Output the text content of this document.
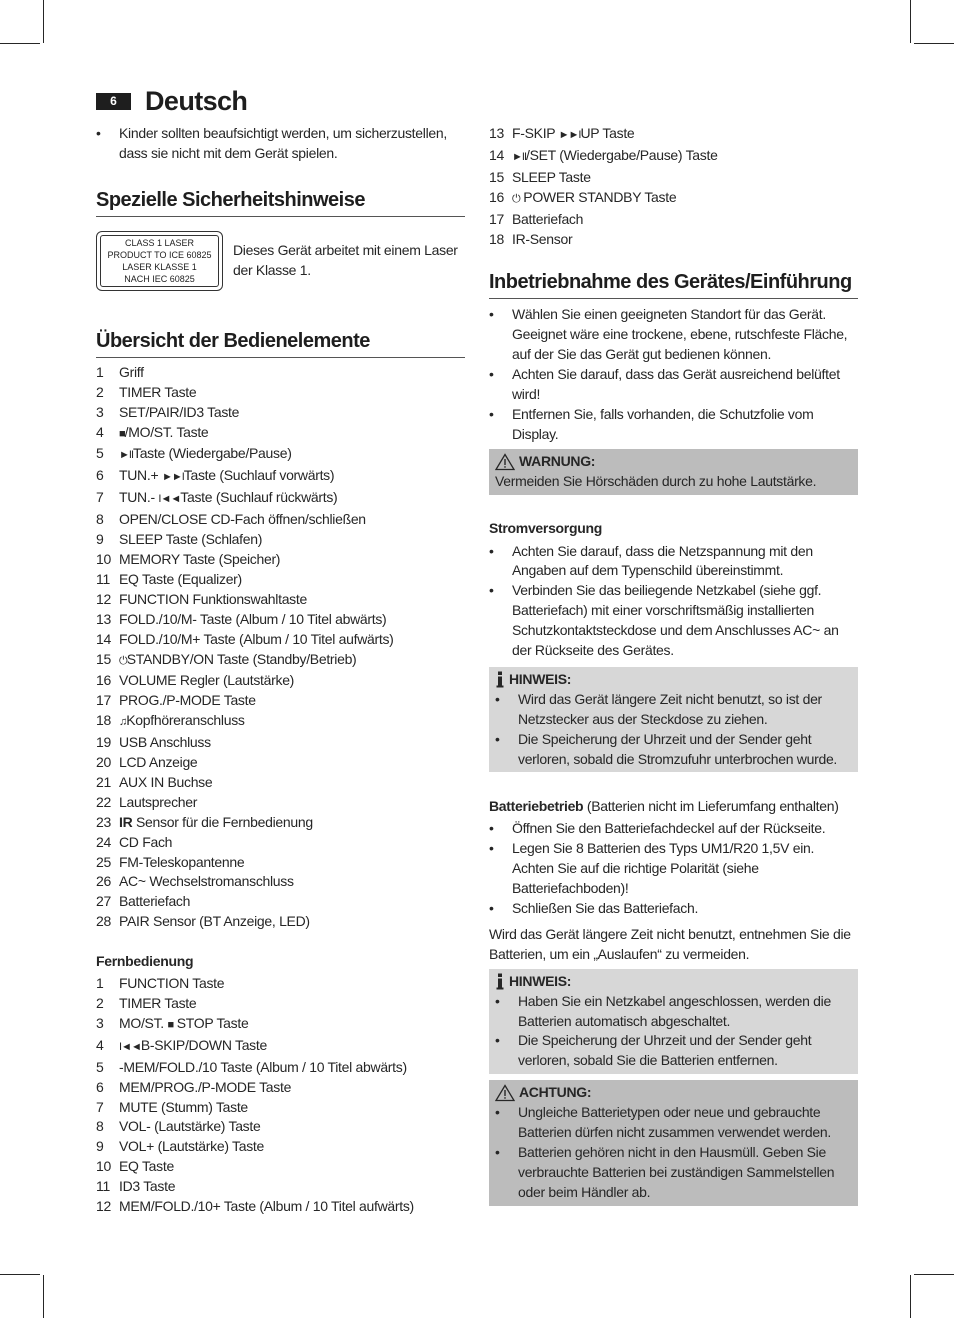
6	Deutsch
• Kinder sollten beaufsichtigt werden, um sicherzustellen, dass sie nicht mit dem Gerät spielen.
Spezielle Sicherheitshinweise
CLASS 1 LASER
PRODUCT TO ICE 60825
LASER KLASSE 1
NACH IEC 60825
Dieses Gerät arbeitet mit einem Laser der Klasse 1.
Übersicht der Bedienelemente
1	Griff
2	TIMER Taste
3	SET/PAIR/ID3 Taste
4	■/MO/ST. Taste
5	►IITaste (Wiedergabe/Pause)
6	TUN.+ ►►ITaste (Suchlauf vorwärts)
7	TUN.- I◄◄Taste (Suchlauf rückwärts)
8	OPEN/CLOSE CD-Fach öffnen/schließen
9	SLEEP Taste (Schlafen)
10 MEMORY Taste (Speicher)
11 EQ Taste (Equalizer)
12 FUNCTION Funktionswahltaste
13 FOLD./10/M- Taste (Album / 10 Titel abwärts)
14 FOLD./10/M+ Taste (Album / 10 Titel aufwärts)
15 ⏻STANDBY/ON Taste (Standby/Betrieb)
16 VOLUME Regler (Lautstärke)
17 PROG./P-MODE Taste
18 ♫Kopfhöreranschluss
19 USB Anschluss
20 LCD Anzeige
21 AUX IN Buchse
22 Lautsprecher
23 IR Sensor für die Fernbedienung
24 CD Fach
25 FM-Teleskopantenne
26 AC~ Wechselstromanschluss
27 Batteriefach
28 PAIR Sensor (BT Anzeige, LED)

Fernbedienung

1	FUNCTION Taste
2	TIMER Taste
3	MO/ST. ■ STOP Taste
4	I◄◄B-SKIP/DOWN Taste
5	-MEM/FOLD./10 Taste (Album / 10 Titel abwärts)
6	MEM/PROG./P-MODE Taste
7	MUTE (Stumm) Taste
8	VOL- (Lautstärke) Taste
9	VOL+ (Lautstärke) Taste
10 EQ Taste
11 ID3 Taste
12 MEM/FOLD./10+ Taste (Album / 10 Titel aufwärts)
13 F-SKIP ►►IUP Taste
14 ►II/SET (Wiedergabe/Pause) Taste
15 SLEEP Taste
16 ⏻ POWER STANDBY Taste
17 Batteriefach
18 IR-Sensor
Inbetriebnahme des Gerätes/Einführung
• Wählen Sie einen geeigneten Standort für das Gerät. Geeignet wäre eine trockene, ebene, rutschfeste Fläche, auf der Sie das Gerät gut bedienen können.
• Achten Sie darauf, dass das Gerät ausreichend belüftet wird!
• Entfernen Sie, falls vorhanden, die Schutzfolie vom Display.
WARNUNG:
Vermeiden Sie Hörschäden durch zu hohe Lautstärke.

Stromversorgung

• Achten Sie darauf, dass die Netzspannung mit den Angaben auf dem Typenschild übereinstimmt.
• Verbinden Sie das beiliegende Netzkabel (siehe ggf. Batteriefach) mit einer vorschriftsmäßig installierten Schutzkontaktsteckdose und dem Anschlusses AC~ an der Rückseite des Gerätes.
HINWEIS:
• Wird das Gerät längere Zeit nicht benutzt, so ist der Netzstecker aus der Steckdose zu ziehen.
• Die Speicherung der Uhrzeit und der Sender geht verloren, sobald die Stromzufuhr unterbrochen wurde.

Batteriebetrieb (Batterien nicht im Lieferumfang enthalten)

• Öffnen Sie den Batteriefachdeckel auf der Rückseite.
• Legen Sie 8 Batterien des Typs UM1/R20 1,5V ein. Achten Sie auf die richtige Polarität (siehe Batteriefachboden)!
• Schließen Sie das Batteriefach.

Wird das Gerät längere Zeit nicht benutzt, entnehmen Sie die Batterien, um ein „Auslaufen“ zu vermeiden.

HINWEIS:
• Haben Sie ein Netzkabel angeschlossen, werden die Batterien automatisch abgeschaltet.
• Die Speicherung der Uhrzeit und der Sender geht verloren, sobald Sie die Batterien entfernen.
ACHTUNG:
• Ungleiche Batterietypen oder neue und gebrauchte Batterien dürfen nicht zusammen verwendet werden.
• Batterien gehören nicht in den Hausmüll. Geben Sie verbrauchte Batterien bei zuständigen Sammelstellen oder beim Händler ab.
